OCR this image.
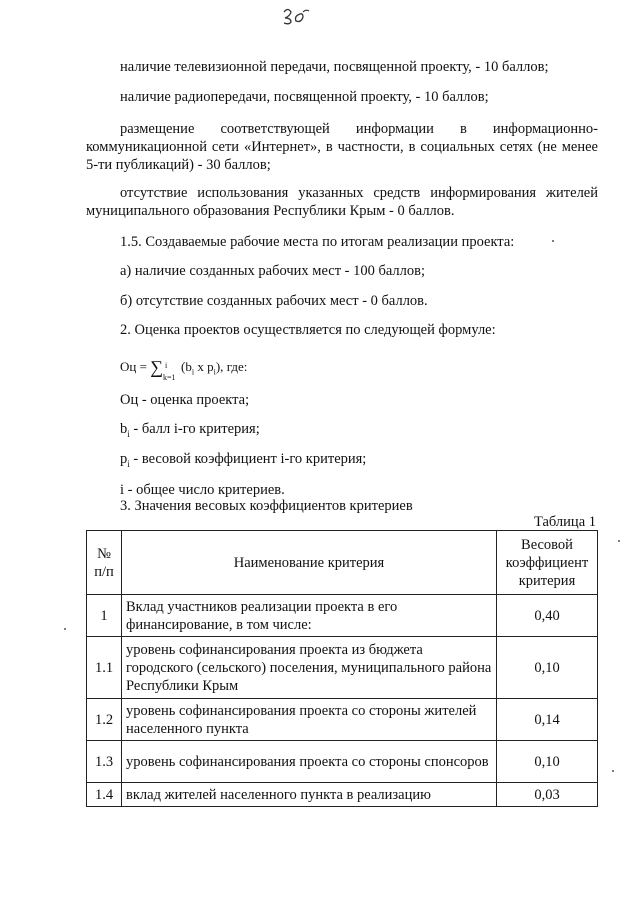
наличие телевизионной передачи, посвященной проекту, - 10 баллов;

наличие радиопередачи, посвященной проекту, - 10 баллов;

размещение соответствующей информации в информационно-коммуникационной сети «Интернет», в частности, в социальных сетях (не менее 5-ти публикаций) - 30 баллов;

отсутствие использования указанных средств информирования жителей муниципального образования Республики Крым - 0 баллов.

1.5. Создаваемые рабочие места по итогам реализации проекта:

а) наличие созданных рабочих мест - 100 баллов;

б) отсутствие созданных рабочих мест - 0 баллов.

2. Оценка проектов осуществляется по следующей формуле:

Оц = ∑ i
k=1
($b_i$ x $p_i$), где:

Оц - оценка проекта;

$b_i$ - балл i-го критерия;

$p_i$ - весовой коэффициент i-го критерия;

i - общее число критериев.

3. Значения весовых коэффициентов критериев

Таблица 1
№ п/п	Наименование критерия	Весовой коэффициент критерия
1	Вклад участников реализации проекта в его финансирование, в том числе:	0,40
1.1	уровень софинансирования проекта из бюджета городского (сельского) поселения, муниципального района Республики Крым	0,10
1.2	уровень софинансирования проекта со стороны жителей населенного пункта	0,14
1.3	уровень софинансирования проекта со стороны спонсоров	0,10
1.4	вклад жителей населенного пункта в реализацию	0,03
